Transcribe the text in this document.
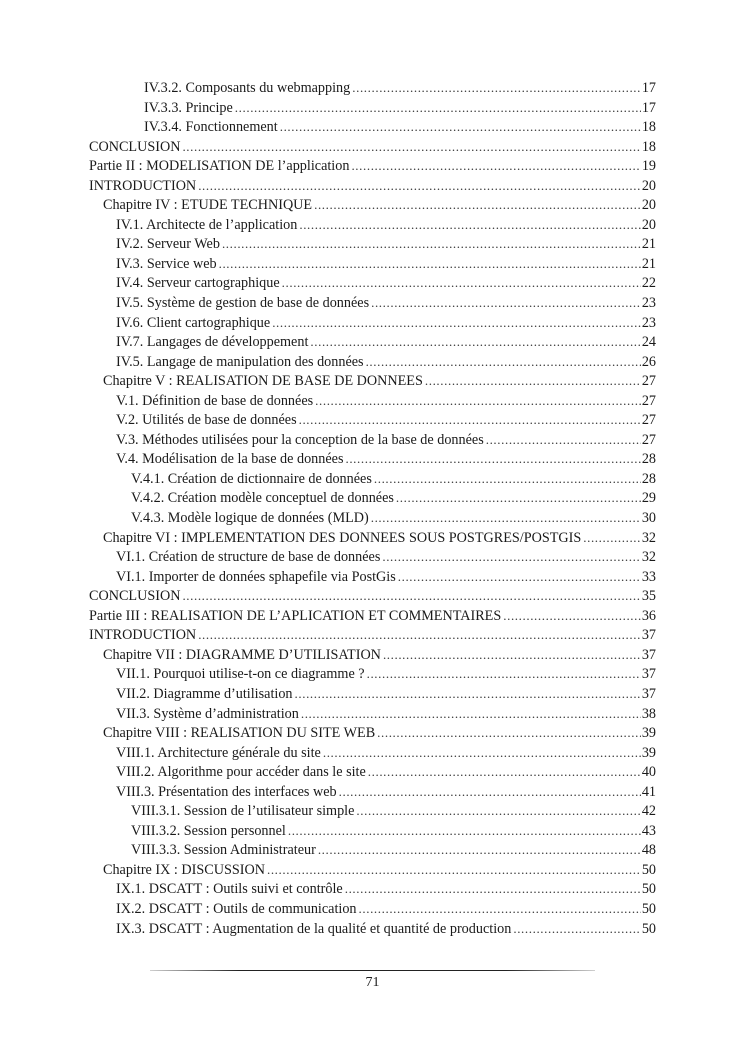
IV.3.2. Composants du webmapping .....	17
IV.3.3. Principe .....	17
IV.3.4. Fonctionnement .....	18
CONCLUSION .....	18
Partie II : MODELISATION DE l’application .....	19
INTRODUCTION .....	20
Chapitre IV : ETUDE TECHNIQUE .....	20
IV.1. Architecte de l’application .....	20
IV.2. Serveur Web .....	21
IV.3. Service web .....	21
IV.4. Serveur cartographique .....	22
IV.5. Système de gestion de base de données .....	23
IV.6. Client cartographique .....	23
IV.7. Langages de développement .....	24
IV.5. Langage de manipulation des données .....	26
Chapitre V : REALISATION DE BASE DE DONNEES .....	27
V.1. Définition de base de données .....	27
V.2. Utilités de base de données .....	27
V.3. Méthodes utilisées pour la conception de la base de données .....	27
V.4. Modélisation de la base de données .....	28
V.4.1. Création de dictionnaire de données .....	28
V.4.2. Création modèle conceptuel de données .....	29
V.4.3. Modèle logique de données (MLD) .....	30
Chapitre VI : IMPLEMENTATION DES DONNEES SOUS POSTGRES/POSTGIS .....	32
VI.1. Création de structure de base de données .....	32
VI.1. Importer de données sphapefile via PostGis .....	33
CONCLUSION .....	35
Partie III : REALISATION DE L’APLICATION ET COMMENTAIRES .....	36
INTRODUCTION .....	37
Chapitre VII : DIAGRAMME D’UTILISATION .....	37
VII.1. Pourquoi utilise-t-on ce diagramme ? .....	37
VII.2. Diagramme d’utilisation .....	37
VII.3. Système d’administration .....	38
Chapitre VIII : REALISATION DU SITE WEB .....	39
VIII.1. Architecture générale du site .....	39
VIII.2. Algorithme pour accéder dans le site .....	40
VIII.3. Présentation des interfaces web .....	41
VIII.3.1. Session de l’utilisateur simple .....	42
VIII.3.2. Session personnel .....	43
VIII.3.3. Session Administrateur .....	48
Chapitre IX : DISCUSSION .....	50
IX.1. DSCATT : Outils suivi et contrôle .....	50
IX.2. DSCATT : Outils de communication .....	50
IX.3. DSCATT : Augmentation de la qualité et quantité de production .....	50
71
